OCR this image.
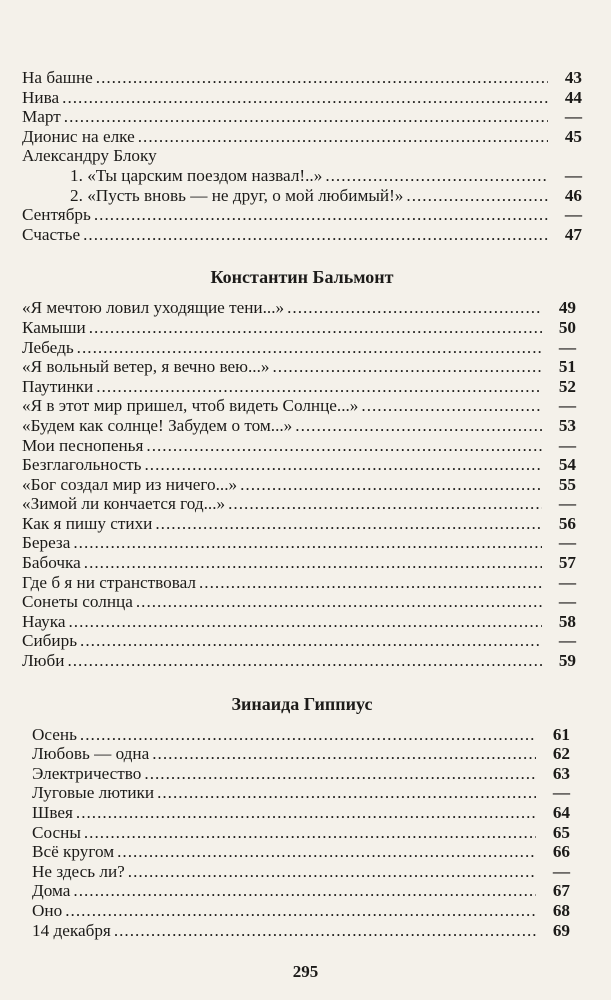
На башне .....	43
Нива .....	44
Март .....	—
Дионис на елке .....	45
Александру Блоку
1. «Ты царским поездом назвал!..» .....	—
2. «Пусть вновь — не друг, о мой любимый!» .....	46
Сентябрь .....	—
Счастье .....	47
Константин Бальмонт
«Я мечтою ловил уходящие тени...» .....	49
Камыши .....	50
Лебедь .....	—
«Я вольный ветер, я вечно вею...» .....	51
Паутинки .....	52
«Я в этот мир пришел, чтоб видеть Солнце...» .....	—
«Будем как солнце! Забудем о том...» .....	53
Мои песнопенья .....	—
Безглагольность .....	54
«Бог создал мир из ничего...» .....	55
«Зимой ли кончается год...» .....	—
Как я пишу стихи .....	56
Береза .....	—
Бабочка .....	57
Где б я ни странствовал .....	—
Сонеты солнца .....	—
Наука .....	58
Сибирь .....	—
Люби .....	59
Зинаида Гиппиус
Осень .....	61
Любовь — одна .....	62
Электричество .....	63
Луговые лютики .....	—
Швея .....	64
Сосны .....	65
Всё кругом .....	66
Не здесь ли? .....	—
Дома .....	67
Оно .....	68
14 декабря .....	69
295
